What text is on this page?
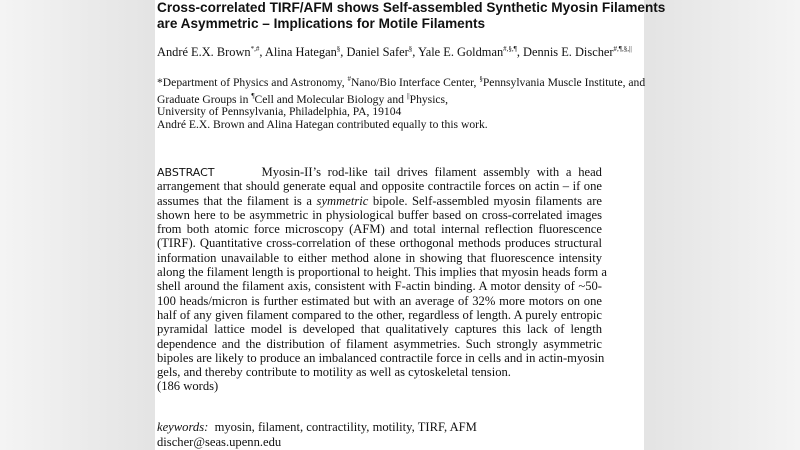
Cross-correlated TIRF/AFM shows Self-assembled Synthetic Myosin Filaments
are Asymmetric – Implications for Motile Filaments
André E.X. Brown*,#, Alina Hategan§, Daniel Safer§, Yale E. Goldman#,§,¶, Dennis E. Discher#,¶,§,||
*Department of Physics and Astronomy, #Nano/Bio Interface Center, §Pennsylvania Muscle Institute, and
Graduate Groups in ¶Cell and Molecular Biology and ||Physics,
University of Pennsylvania, Philadelphia, PA, 19104
André E.X. Brown and Alina Hategan contributed equally to this work.
ABSTRACT	Myosin-II’s rod-like tail drives filament assembly with a head
arrangement that should generate equal and opposite contractile forces on actin – if one
assumes that the filament is a symmetric bipole. Self-assembled myosin filaments are
shown here to be asymmetric in physiological buffer based on cross-correlated images
from both atomic force microscopy (AFM) and total internal reflection fluorescence
(TIRF). Quantitative cross-correlation of these orthogonal methods produces structural
information unavailable to either method alone in showing that fluorescence intensity
along the filament length is proportional to height. This implies that myosin heads form a
shell around the filament axis, consistent with F-actin binding. A motor density of ~50-
100 heads/micron is further estimated but with an average of 32% more motors on one
half of any given filament compared to the other, regardless of length. A purely entropic
pyramidal lattice model is developed that qualitatively captures this lack of length
dependence and the distribution of filament asymmetries. Such strongly asymmetric
bipoles are likely to produce an imbalanced contractile force in cells and in actin-myosin
gels, and thereby contribute to motility as well as cytoskeletal tension.
(186 words)
keywords: myosin, filament, contractility, motility, TIRF, AFM
discher@seas.upenn.edu
